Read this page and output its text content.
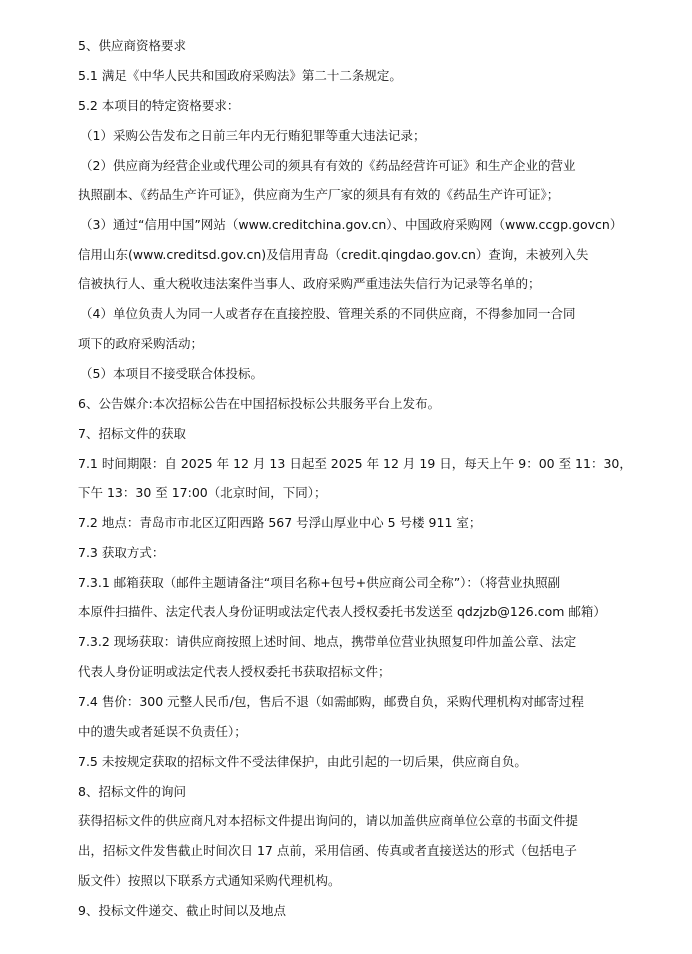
5、供应商资格要求
5.1 满足《中华人民共和国政府采购法》第二十二条规定。
5.2 本项目的特定资格要求：
（1）采购公告发布之日前三年内无行贿犯罪等重大违法记录；
（2）供应商为经营企业或代理公司的须具有有效的《药品经营许可证》和生产企业的营业
执照副本、《药品生产许可证》，供应商为生产厂家的须具有有效的《药品生产许可证》；
（3）通过“信用中国”网站（www.creditchina.gov.cn）、中国政府采购网（www.ccgp.govcn）
信用山东(www.creditsd.gov.cn)及信用青岛（credit.qingdao.gov.cn）查询，未被列入失
信被执行人、重大税收违法案件当事人、政府采购严重违法失信行为记录等名单的；
（4）单位负责人为同一人或者存在直接控股、管理关系的不同供应商，不得参加同一合同
项下的政府采购活动；
（5）本项目不接受联合体投标。
6、公告媒介:本次招标公告在中国招标投标公共服务平台上发布。
7、招标文件的获取
7.1 时间期限：自 2025 年 12 月 13 日起至 2025 年 12 月 19 日，每天上午 9：00 至 11：30，
下午 13：30 至 17:00（北京时间，下同）；
7.2 地点：青岛市市北区辽阳西路 567 号浮山厚业中心 5 号楼 911 室；
7.3 获取方式：
7.3.1 邮箱获取（邮件主题请备注“项目名称+包号+供应商公司全称”）：（将营业执照副
本原件扫描件、法定代表人身份证明或法定代表人授权委托书发送至 qdzjzb@126.com 邮箱）
7.3.2 现场获取：请供应商按照上述时间、地点，携带单位营业执照复印件加盖公章、法定
代表人身份证明或法定代表人授权委托书获取招标文件；
7.4 售价：300 元整人民币/包，售后不退（如需邮购，邮费自负，采购代理机构对邮寄过程
中的遗失或者延误不负责任）；
7.5 未按规定获取的招标文件不受法律保护，由此引起的一切后果，供应商自负。
8、招标文件的询问
获得招标文件的供应商凡对本招标文件提出询问的，请以加盖供应商单位公章的书面文件提
出，招标文件发售截止时间次日 17 点前，采用信函、传真或者直接送达的形式（包括电子
版文件）按照以下联系方式通知采购代理机构。
9、投标文件递交、截止时间以及地点
